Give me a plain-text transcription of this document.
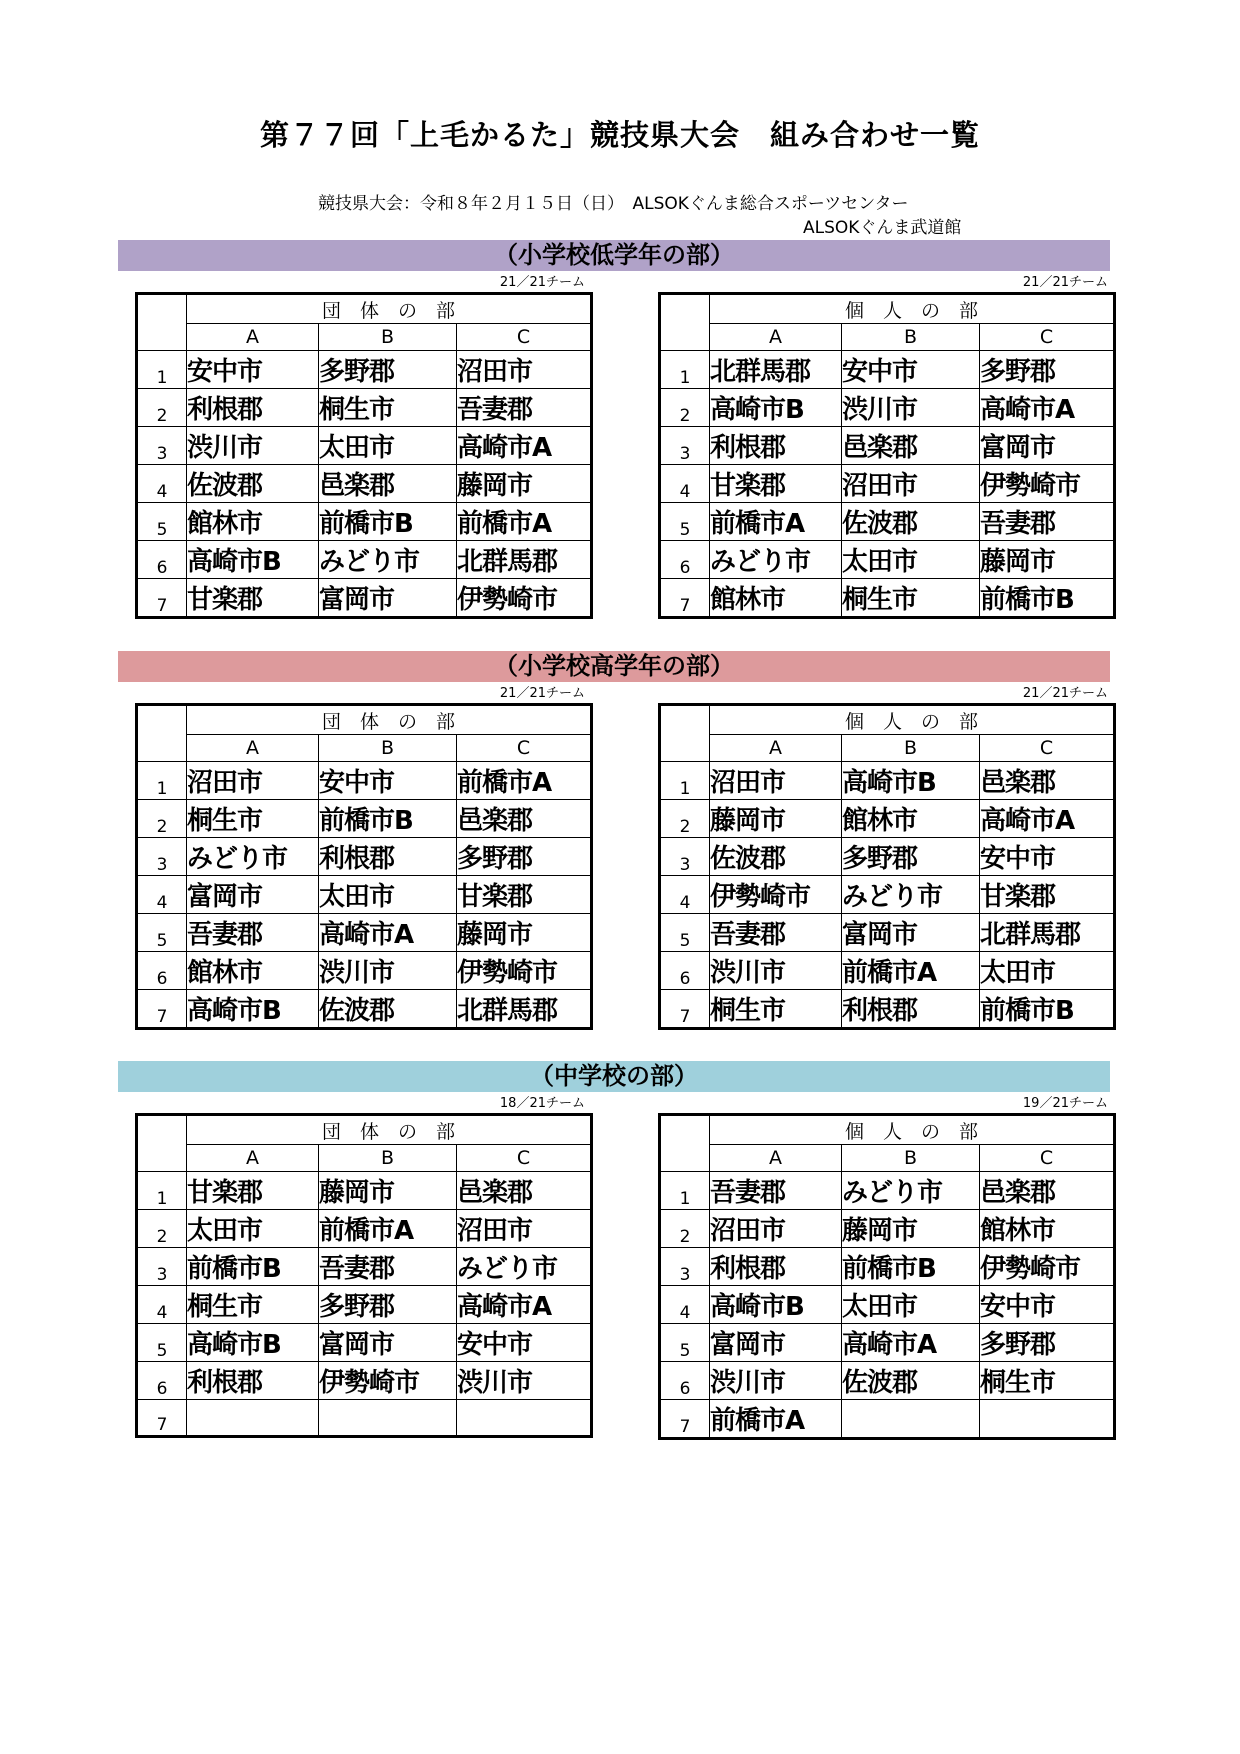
第７７回「上毛かるた」競技県大会　組み合わせ一覧
競技県大会：令和８年２月１５日（日）　ALSOKぐんま総合スポーツセンター
ALSOKぐんま武道館
（小学校低学年の部）
21／21チーム
	団　体　の　部		
	A	B	C
1	安中市	多野郡	沼田市
2	利根郡	桐生市	吾妻郡
3	渋川市	太田市	高崎市A
4	佐波郡	邑楽郡	藤岡市
5	館林市	前橋市B	前橋市A
6	高崎市B	みどり市	北群馬郡
7	甘楽郡	富岡市	伊勢崎市
21／21チーム
	個　人　の　部		
	A	B	C
1	北群馬郡	安中市	多野郡
2	高崎市B	渋川市	高崎市A
3	利根郡	邑楽郡	富岡市
4	甘楽郡	沼田市	伊勢崎市
5	前橋市A	佐波郡	吾妻郡
6	みどり市	太田市	藤岡市
7	館林市	桐生市	前橋市B
（小学校高学年の部）
21／21チーム
	団　体　の　部		
	A	B	C
1	沼田市	安中市	前橋市A
2	桐生市	前橋市B	邑楽郡
3	みどり市	利根郡	多野郡
4	富岡市	太田市	甘楽郡
5	吾妻郡	高崎市A	藤岡市
6	館林市	渋川市	伊勢崎市
7	高崎市B	佐波郡	北群馬郡
21／21チーム
	個　人　の　部		
	A	B	C
1	沼田市	高崎市B	邑楽郡
2	藤岡市	館林市	高崎市A
3	佐波郡	多野郡	安中市
4	伊勢崎市	みどり市	甘楽郡
5	吾妻郡	富岡市	北群馬郡
6	渋川市	前橋市A	太田市
7	桐生市	利根郡	前橋市B
（中学校の部）
18／21チーム
	団　体　の　部		
	A	B	C
1	甘楽郡	藤岡市	邑楽郡
2	太田市	前橋市A	沼田市
3	前橋市B	吾妻郡	みどり市
4	桐生市	多野郡	高崎市A
5	高崎市B	富岡市	安中市
6	利根郡	伊勢崎市	渋川市
7			
19／21チーム
	個　人　の　部		
	A	B	C
1	吾妻郡	みどり市	邑楽郡
2	沼田市	藤岡市	館林市
3	利根郡	前橋市B	伊勢崎市
4	高崎市B	太田市	安中市
5	富岡市	高崎市A	多野郡
6	渋川市	佐波郡	桐生市
7	前橋市A		
